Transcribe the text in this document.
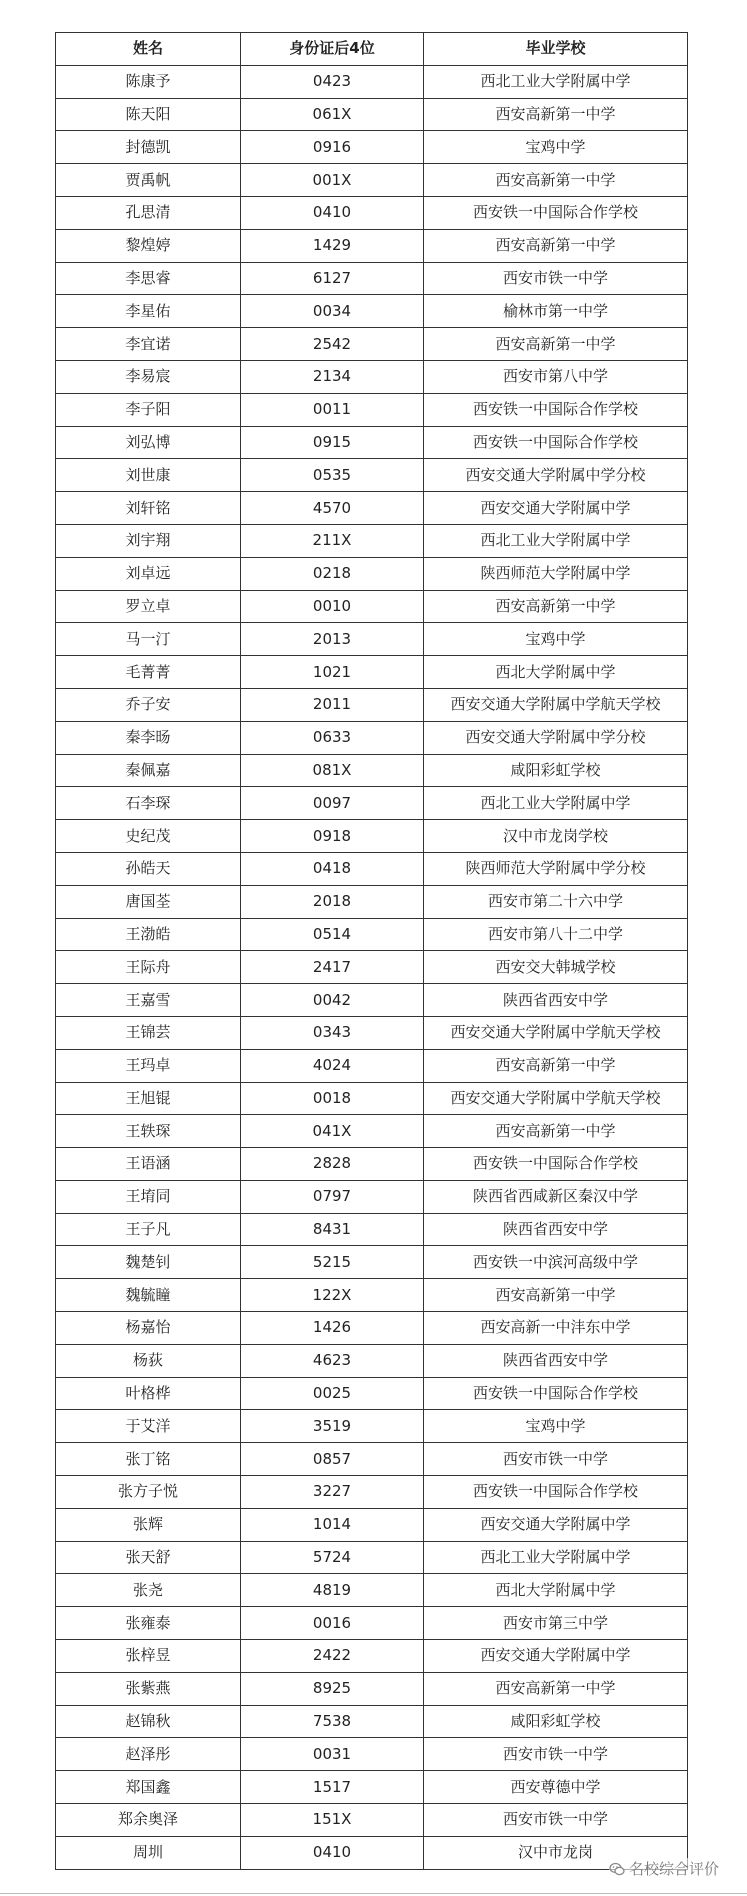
姓名	身份证后4位	毕业学校
陈康予	0423	西北工业大学附属中学
陈天阳	061X	西安高新第一中学
封德凯	0916	宝鸡中学
贾禹帆	001X	西安高新第一中学
孔思清	0410	西安铁一中国际合作学校
黎煌婷	1429	西安高新第一中学
李思睿	6127	西安市铁一中学
李星佑	0034	榆林市第一中学
李宜诺	2542	西安高新第一中学
李易宸	2134	西安市第八中学
李子阳	0011	西安铁一中国际合作学校
刘弘博	0915	西安铁一中国际合作学校
刘世康	0535	西安交通大学附属中学分校
刘轩铭	4570	西安交通大学附属中学
刘宇翔	211X	西北工业大学附属中学
刘卓远	0218	陕西师范大学附属中学
罗立卓	0010	西安高新第一中学
马一汀	2013	宝鸡中学
毛菁菁	1021	西北大学附属中学
乔子安	2011	西安交通大学附属中学航天学校
秦李旸	0633	西安交通大学附属中学分校
秦佩嘉	081X	咸阳彩虹学校
石李琛	0097	西北工业大学附属中学
史纪茂	0918	汉中市龙岗学校
孙皓天	0418	陕西师范大学附属中学分校
唐国荃	2018	西安市第二十六中学
王渤皓	0514	西安市第八十二中学
王际舟	2417	西安交大韩城学校
王嘉雪	0042	陕西省西安中学
王锦芸	0343	西安交通大学附属中学航天学校
王玛卓	4024	西安高新第一中学
王旭锟	0018	西安交通大学附属中学航天学校
王轶琛	041X	西安高新第一中学
王语涵	2828	西安铁一中国际合作学校
王堉同	0797	陕西省西咸新区秦汉中学
王子凡	8431	陕西省西安中学
魏楚钊	5215	西安铁一中滨河高级中学
魏毓瞳	122X	西安高新第一中学
杨嘉怡	1426	西安高新一中沣东中学
杨荻	4623	陕西省西安中学
叶格桦	0025	西安铁一中国际合作学校
于艾洋	3519	宝鸡中学
张丁铭	0857	西安市铁一中学
张方子悦	3227	西安铁一中国际合作学校
张辉	1014	西安交通大学附属中学
张天舒	5724	西北工业大学附属中学
张尧	4819	西北大学附属中学
张雍泰	0016	西安市第三中学
张梓昱	2422	西安交通大学附属中学
张紫燕	8925	西安高新第一中学
赵锦秋	7538	咸阳彩虹学校
赵泽彤	0031	西安市铁一中学
郑国鑫	1517	西安尊德中学
郑余奥泽	151X	西安市铁一中学
周圳	0410	汉中市龙岗
名校综合评价
